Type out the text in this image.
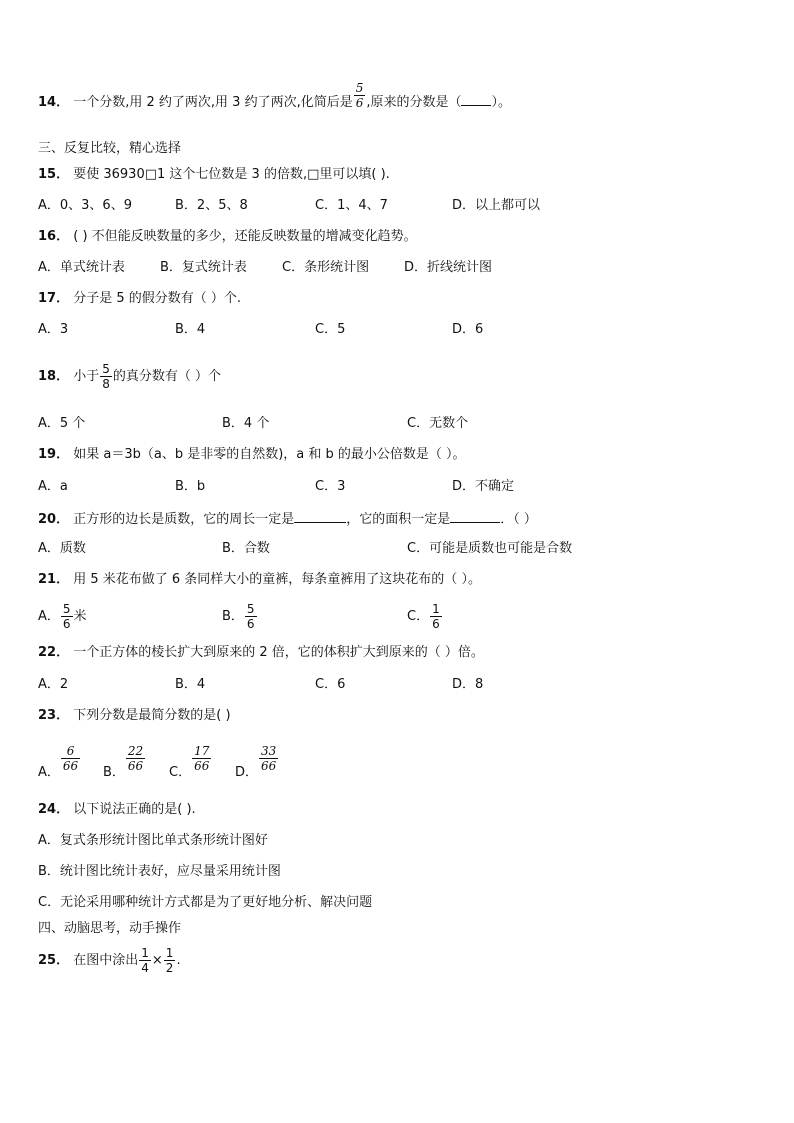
14． 一个分数,用 2 约了两次,用 3 约了两次,化简后是 $\frac{5}{6}$ ,原来的分数是（ ）。
三、反复比较，精心选择
15． 要使 36930□1 这个七位数是 3 的倍数,□里可以填( ).
A．0、3、6、9	B．2、5、8	C．1、4、7	D．以上都可以
16． ( ) 不但能反映数量的多少，还能反映数量的增减变化趋势。
A．单式统计表	B．复式统计表	C．条形统计图	D．折线统计图
17． 分子是 5 的假分数有（ ）个.
A．3	B．4	C．5	D．6
18． 小于 $\frac{5}{8}$ 的真分数有（ ）个
A．5 个	B．4 个	C．无数个
19． 如果 a＝3b（a、b 是非零的自然数)，a 和 b 的最小公倍数是（ ）。
A．a	B．b	C．3	D．不确定
20． 正方形的边长是质数，它的周长一定是	，它的面积一定是	．（ ）
A．质数	B．合数	C．可能是质数也可能是合数
21． 用 5 米花布做了 6 条同样大小的童裤，每条童裤用了这块花布的（ ）。
A． $\frac{5}{6}$ 米	B． $\frac{5}{6}$	C． $\frac{1}{6}$
22． 一个正方体的棱长扩大到原来的 2 倍，它的体积扩大到原来的（ ）倍。
A．2	B．4	C．6	D．8
23． 下列分数是最简分数的是( )
A． $\frac{6}{66}$ B． $\frac{22}{66}$ C． $\frac{17}{66}$ D． $\frac{33}{66}$
24． 以下说法正确的是( ).
A．复式条形统计图比单式条形统计图好
B．统计图比统计表好，应尽量采用统计图
C．无论采用哪种统计方式都是为了更好地分析、解决问题
四、动脑思考，动手操作
25． 在图中涂出 $\frac{1}{4} \times \frac{1}{2}$ .
